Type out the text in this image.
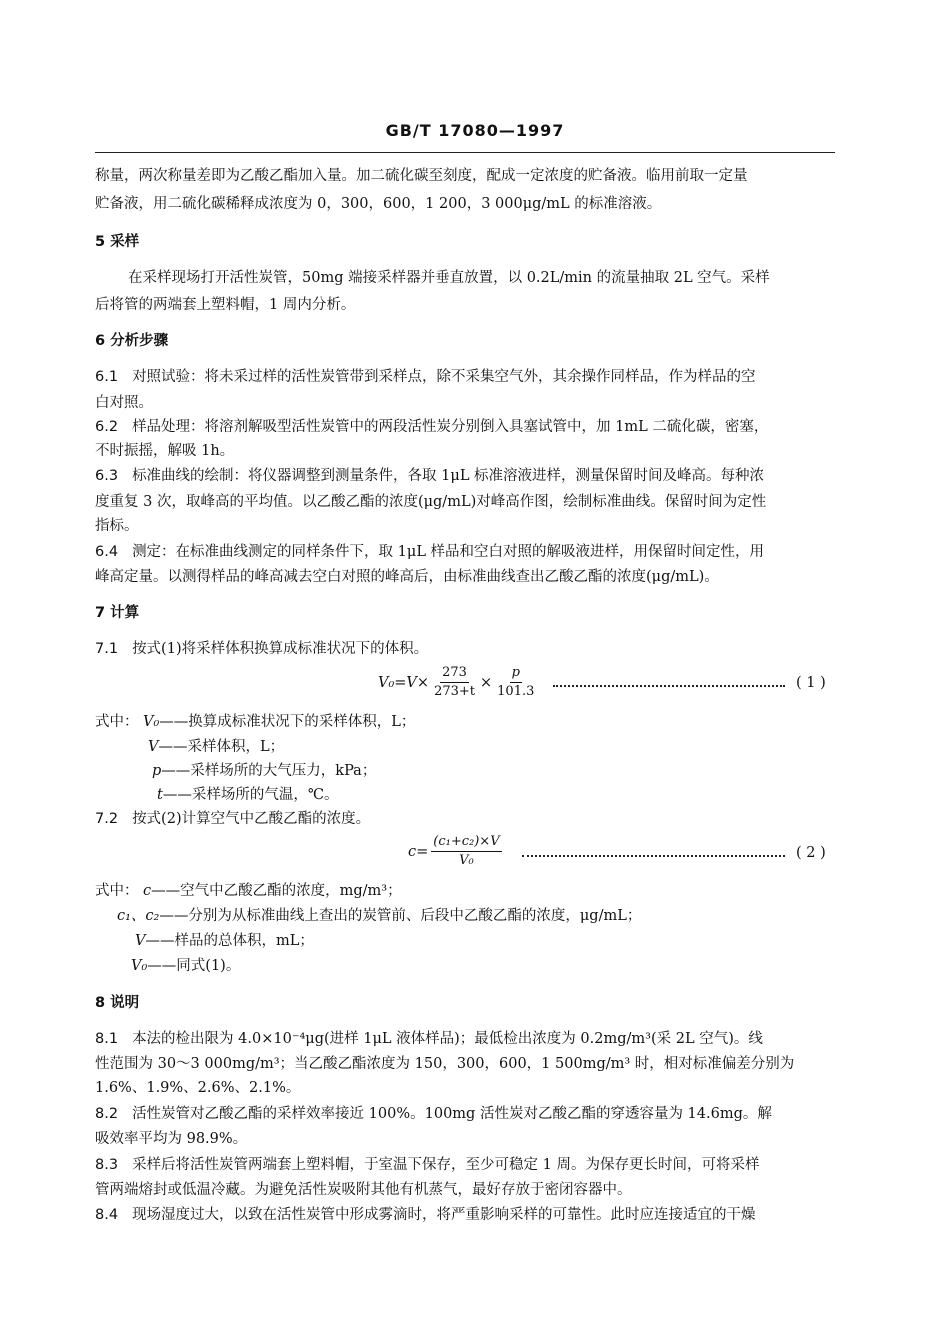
GB/T 17080—1997
称量，两次称量差即为乙酸乙酯加入量。加二硫化碳至刻度，配成一定浓度的贮备液。临用前取一定量
贮备液，用二硫化碳稀释成浓度为 0，300，600，1 200，3 000μg/mL 的标准溶液。
5 采样
在采样现场打开活性炭管，50mg 端接采样器并垂直放置，以 0.2L/min 的流量抽取 2L 空气。采样
后将管的两端套上塑料帽，1 周内分析。
6 分析步骤
6.1 对照试验：将未采过样的活性炭管带到采样点，除不采集空气外，其余操作同样品，作为样品的空
白对照。
6.2 样品处理：将溶剂解吸型活性炭管中的两段活性炭分别倒入具塞试管中，加 1mL 二硫化碳，密塞，
不时振摇，解吸 1h。
6.3 标准曲线的绘制：将仪器调整到测量条件，各取 1μL 标准溶液进样，测量保留时间及峰高。每种浓
度重复 3 次，取峰高的平均值。以乙酸乙酯的浓度(μg/mL)对峰高作图，绘制标准曲线。保留时间为定性
指标。
6.4 测定：在标准曲线测定的同样条件下，取 1μL 样品和空白对照的解吸液进样，用保留时间定性，用
峰高定量。以测得样品的峰高减去空白对照的峰高后，由标准曲线查出乙酸乙酯的浓度(μg/mL)。
7 计算
7.1 按式(1)将采样体积换算成标准状况下的体积。
$V_0=V\times \frac{273}{273+t} \times \frac{p}{101.3}$	( 1 )
式中： V₀——换算成标准状况下的采样体积，L；
V——采样体积，L；
p——采样场所的大气压力，kPa；
t——采样场所的气温，℃。
7.2 按式(2)计算空气中乙酸乙酯的浓度。
$c= \frac{\text{(c₁+c₂)×V}}{\text{V₀}}$	( 2 )
式中： c——空气中乙酸乙酯的浓度，mg/m³；
c₁、c₂——分别为从标准曲线上查出的炭管前、后段中乙酸乙酯的浓度，μg/mL；
V——样品的总体积，mL；
V₀——同式(1)。
8 说明
8.1 本法的检出限为 4.0×10⁻⁴μg(进样 1μL 液体样品)；最低检出浓度为 0.2mg/m³(采 2L 空气)。线
性范围为 30～3 000mg/m³；当乙酸乙酯浓度为 150，300，600，1 500mg/m³ 时，相对标准偏差分别为
1.6%、1.9%、2.6%、2.1%。
8.2 活性炭管对乙酸乙酯的采样效率接近 100%。100mg 活性炭对乙酸乙酯的穿透容量为 14.6mg。解
吸效率平均为 98.9%。
8.3 采样后将活性炭管两端套上塑料帽，于室温下保存，至少可稳定 1 周。为保存更长时间，可将采样
管两端熔封或低温冷藏。为避免活性炭吸附其他有机蒸气，最好存放于密闭容器中。
8.4 现场湿度过大，以致在活性炭管中形成雾滴时，将严重影响采样的可靠性。此时应连接适宜的干燥
